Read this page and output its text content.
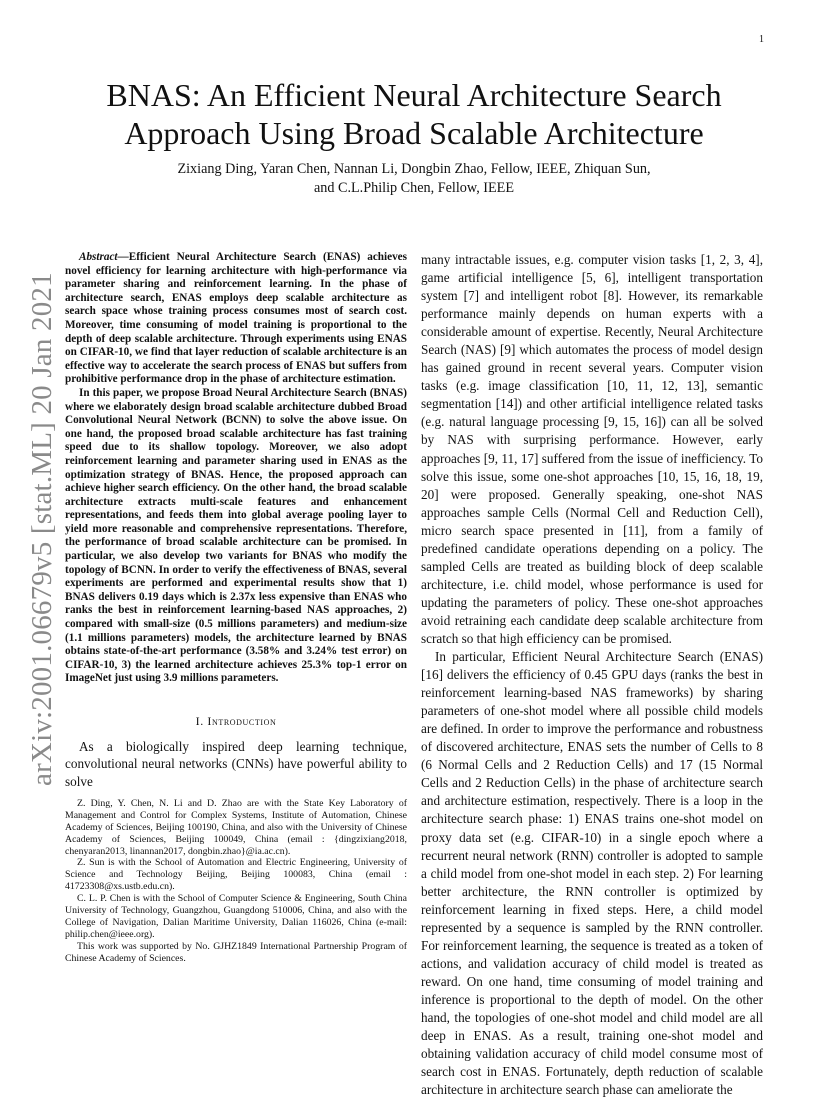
1
arXiv:2001.06679v5 [stat.ML] 20 Jan 2021
BNAS: An Efficient Neural Architecture Search Approach Using Broad Scalable Architecture
Zixiang Ding, Yaran Chen, Nannan Li, Dongbin Zhao, Fellow, IEEE, Zhiquan Sun,
and C.L.Philip Chen, Fellow, IEEE
Abstract—Efficient Neural Architecture Search (ENAS) achieves novel efficiency for learning architecture with high-performance via parameter sharing and reinforcement learning. In the phase of architecture search, ENAS employs deep scalable architecture as search space whose training process consumes most of search cost. Moreover, time consuming of model training is proportional to the depth of deep scalable architecture. Through experiments using ENAS on CIFAR-10, we find that layer reduction of scalable architecture is an effective way to accelerate the search process of ENAS but suffers from prohibitive performance drop in the phase of architecture estimation.
In this paper, we propose Broad Neural Architecture Search (BNAS) where we elaborately design broad scalable architecture dubbed Broad Convolutional Neural Network (BCNN) to solve the above issue. On one hand, the proposed broad scalable architecture has fast training speed due to its shallow topology. Moreover, we also adopt reinforcement learning and parameter sharing used in ENAS as the optimization strategy of BNAS. Hence, the proposed approach can achieve higher search efficiency. On the other hand, the broad scalable architecture extracts multi-scale features and enhancement representations, and feeds them into global average pooling layer to yield more reasonable and comprehensive representations. Therefore, the performance of broad scalable architecture can be promised. In particular, we also develop two variants for BNAS who modify the topology of BCNN. In order to verify the effectiveness of BNAS, several experiments are performed and experimental results show that 1) BNAS delivers 0.19 days which is 2.37x less expensive than ENAS who ranks the best in reinforcement learning-based NAS approaches, 2) compared with small-size (0.5 millions parameters) and medium-size (1.1 millions parameters) models, the architecture learned by BNAS obtains state-of-the-art performance (3.58% and 3.24% test error) on CIFAR-10, 3) the learned architecture achieves 25.3% top-1 error on ImageNet just using 3.9 millions parameters.
I. Introduction

As a biologically inspired deep learning technique, convolutional neural networks (CNNs) have powerful ability to solve

Z. Ding, Y. Chen, N. Li and D. Zhao are with the State Key Laboratory of Management and Control for Complex Systems, Institute of Automation, Chinese Academy of Sciences, Beijing 100190, China, and also with the University of Chinese Academy of Sciences, Beijing 100049, China (email : {dingzixiang2018, chenyaran2013, linannan2017, dongbin.zhao}@ia.ac.cn).

Z. Sun is with the School of Automation and Electric Engineering, University of Science and Technology Beijing, Beijing 100083, China (email : 41723308@xs.ustb.edu.cn).

C. L. P. Chen is with the School of Computer Science & Engineering, South China University of Technology, Guangzhou, Guangdong 510006, China, and also with the College of Navigation, Dalian Maritime University, Dalian 116026, China (e-mail: philip.chen@ieee.org).

This work was supported by No. GJHZ1849 International Partnership Program of Chinese Academy of Sciences.

many intractable issues, e.g. computer vision tasks [1, 2, 3, 4], game artificial intelligence [5, 6], intelligent transportation system [7] and intelligent robot [8]. However, its remarkable performance mainly depends on human experts with a considerable amount of expertise. Recently, Neural Architecture Search (NAS) [9] which automates the process of model design has gained ground in recent several years. Computer vision tasks (e.g. image classification [10, 11, 12, 13], semantic segmentation [14]) and other artificial intelligence related tasks (e.g. natural language processing [9, 15, 16]) can all be solved by NAS with surprising performance. However, early approaches [9, 11, 17] suffered from the issue of inefficiency. To solve this issue, some one-shot approaches [10, 15, 16, 18, 19, 20] were proposed. Generally speaking, one-shot NAS approaches sample Cells (Normal Cell and Reduction Cell), micro search space presented in [11], from a family of predefined candidate operations depending on a policy. The sampled Cells are treated as building block of deep scalable architecture, i.e. child model, whose performance is used for updating the parameters of policy. These one-shot approaches avoid retraining each candidate deep scalable architecture from scratch so that high efficiency can be promised.

In particular, Efficient Neural Architecture Search (ENAS) [16] delivers the efficiency of 0.45 GPU days (ranks the best in reinforcement learning-based NAS frameworks) by sharing parameters of one-shot model where all possible child models are defined. In order to improve the performance and robustness of discovered architecture, ENAS sets the number of Cells to 8 (6 Normal Cells and 2 Reduction Cells) and 17 (15 Normal Cells and 2 Reduction Cells) in the phase of architecture search and architecture estimation, respectively. There is a loop in the architecture search phase: 1) ENAS trains one-shot model on proxy data set (e.g. CIFAR-10) in a single epoch where a recurrent neural network (RNN) controller is adopted to sample a child model from one-shot model in each step. 2) For learning better architecture, the RNN controller is optimized by reinforcement learning in fixed steps. Here, a child model represented by a sequence is sampled by the RNN controller. For reinforcement learning, the sequence is treated as a token of actions, and validation accuracy of child model is treated as reward. On one hand, time consuming of model training and inference is proportional to the depth of model. On the other hand, the topologies of one-shot model and child model are all deep in ENAS. As a result, training one-shot model and obtaining validation accuracy of child model consume most of search cost in ENAS. Fortunately, depth reduction of scalable architecture in architecture search phase can ameliorate the
